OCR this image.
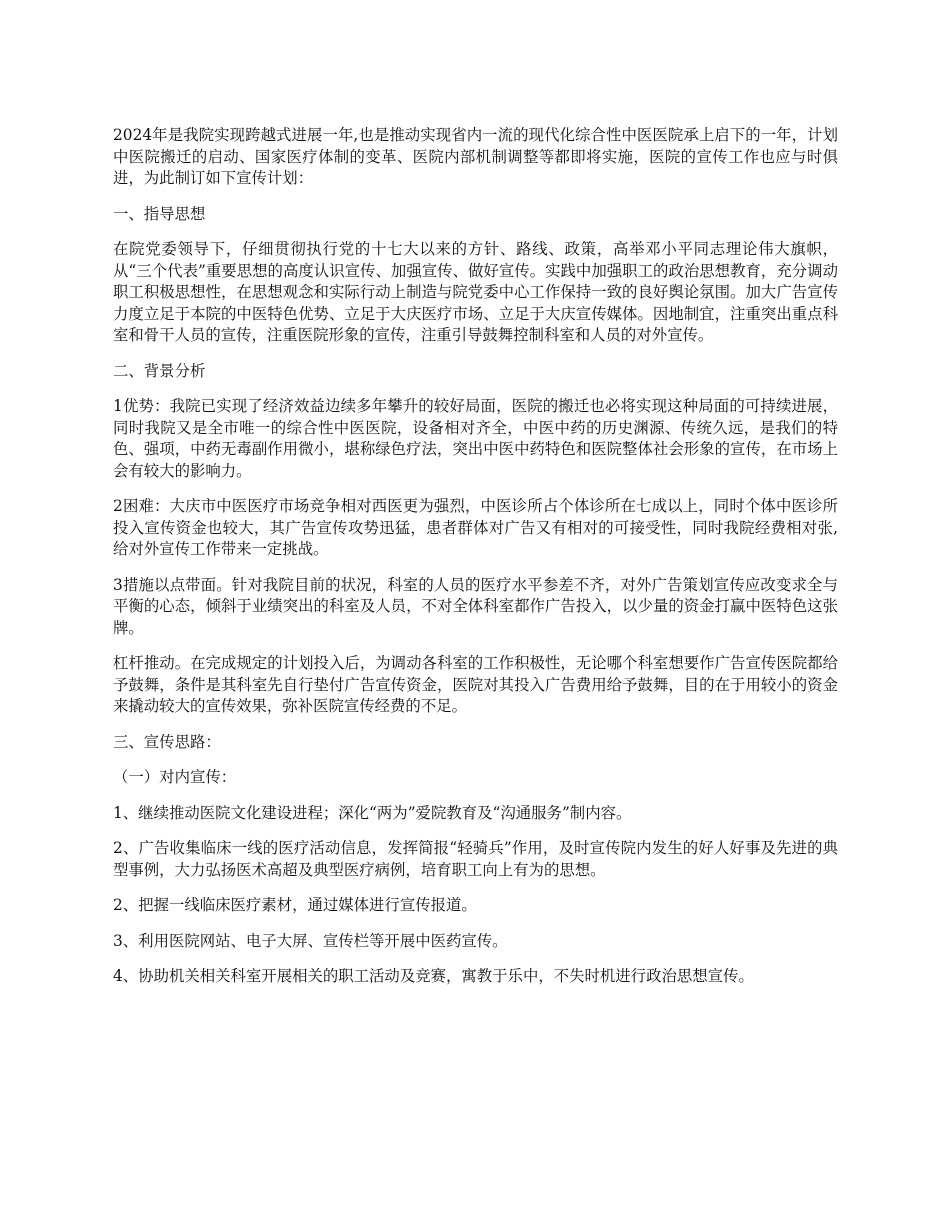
2024年是我院实现跨越式进展一年,也是推动实现省内一流的现代化综合性中医医院承上启下的一年，计划中医院搬迁的启动、国家医疗体制的变革、医院内部机制调整等都即将实施，医院的宣传工作也应与时俱进，为此制订如下宣传计划：

一、指导思想

在院党委领导下，仔细贯彻执行党的十七大以来的方针、路线、政策，高举邓小平同志理论伟大旗帜，从“三个代表”重要思想的高度认识宣传、加强宣传、做好宣传。实践中加强职工的政治思想教育，充分调动职工积极思想性，在思想观念和实际行动上制造与院党委中心工作保持一致的良好舆论氛围。加大广告宣传力度立足于本院的中医特色优势、立足于大庆医疗市场、立足于大庆宣传媒体。因地制宜，注重突出重点科室和骨干人员的宣传，注重医院形象的宣传，注重引导鼓舞控制科室和人员的对外宣传。

二、背景分析

1优势：我院已实现了经济效益边续多年攀升的较好局面，医院的搬迁也必将实现这种局面的可持续进展，同时我院又是全市唯一的综合性中医医院，设备相对齐全，中医中药的历史渊源、传统久远，是我们的特色、强项，中药无毒副作用微小，堪称绿色疗法，突出中医中药特色和医院整体社会形象的宣传，在市场上会有较大的影响力。

2困难：大庆市中医医疗市场竞争相对西医更为强烈，中医诊所占个体诊所在七成以上，同时个体中医诊所投入宣传资金也较大，其广告宣传攻势迅猛，患者群体对广告又有相对的可接受性，同时我院经费相对张,给对外宣传工作带来一定挑战。

3措施以点带面。针对我院目前的状况，科室的人员的医疗水平参差不齐，对外广告策划宣传应改变求全与平衡的心态，倾斜于业绩突出的科室及人员，不对全体科室都作广告投入，以少量的资金打赢中医特色这张牌。

杠杆推动。在完成规定的计划投入后，为调动各科室的工作积极性，无论哪个科室想要作广告宣传医院都给予鼓舞，条件是其科室先自行垫付广告宣传资金，医院对其投入广告费用给予鼓舞，目的在于用较小的资金来撬动较大的宣传效果，弥补医院宣传经费的不足。

三、宣传思路：

（一）对内宣传：

1、继续推动医院文化建设进程；深化“两为”爱院教育及“沟通服务”制内容。

2、广告收集临床一线的医疗活动信息，发挥简报“轻骑兵”作用，及时宣传院内发生的好人好事及先进的典型事例，大力弘扬医术高超及典型医疗病例，培育职工向上有为的思想。

2、把握一线临床医疗素材，通过媒体进行宣传报道。

3、利用医院网站、电子大屏、宣传栏等开展中医药宣传。

4、协助机关相关科室开展相关的职工活动及竞赛，寓教于乐中，不失时机进行政治思想宣传。
